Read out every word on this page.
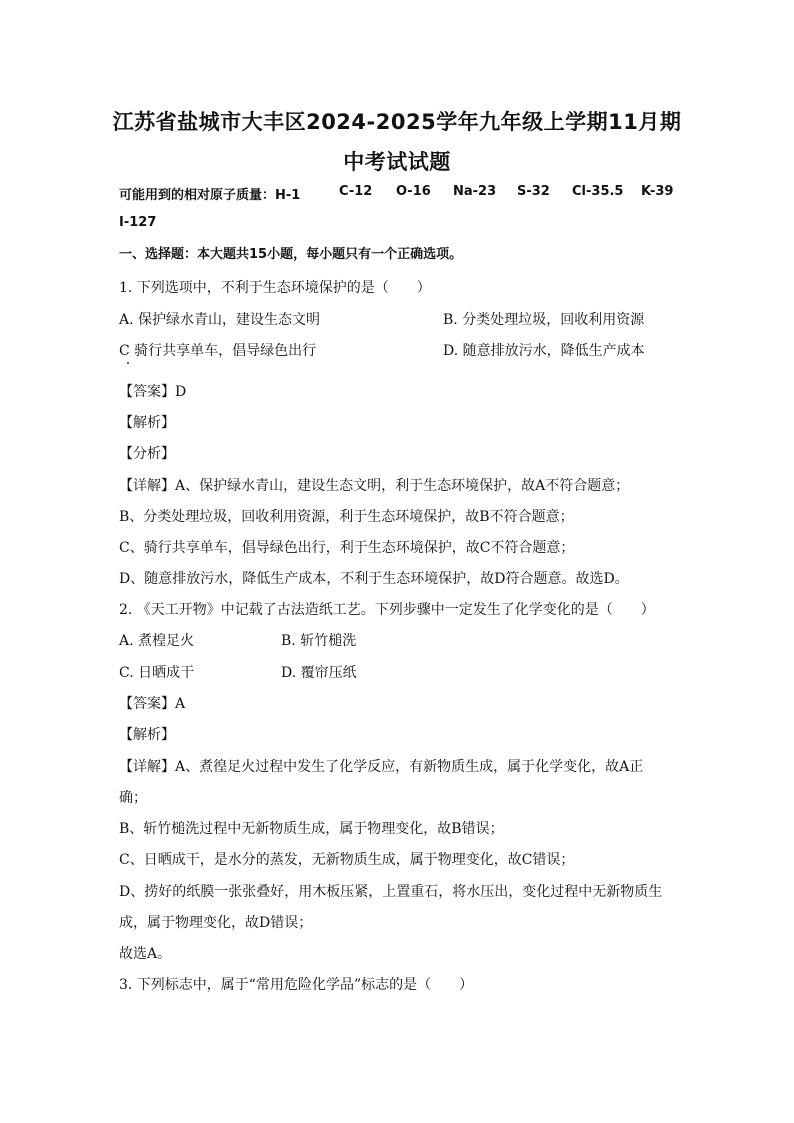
江苏省盐城市大丰区2024-2025学年九年级上学期11月期
中考试试题
可能用到的相对原子质量：H-1	C-12 O-16 Na-23 S-32 Cl-35.5 K-39
I-127
一、选择题：本大题共15小题，每小题只有一个正确选项。
1. 下列选项中，不利于生态环境保护的是（　　）
A. 保护绿水青山，建设生态文明	B. 分类处理垃圾，回收利用资源
C 骑行共享单车，倡导绿色出行	D. 随意排放污水，降低生产成本
【答案】D
【解析】
【分析】
【详解】A、保护绿水青山，建设生态文明，利于生态环境保护，故A不符合题意；
B、分类处理垃圾，回收利用资源，利于生态环境保护，故B不符合题意；
C、骑行共享单车，倡导绿色出行，利于生态环境保护，故C不符合题意；
D、随意排放污水，降低生产成本，不利于生态环境保护，故D符合题意。故选D。
2. 《天工开物》中记载了古法造纸工艺。下列步骤中一定发生了化学变化的是（　　）
A. 煮楻足火	B. 斩竹槌洗
C. 日晒成干	D. 覆帘压纸
【答案】A
【解析】
【详解】A、煮徨足火过程中发生了化学反应，有新物质生成，属于化学变化，故A正
确；
B、斩竹槌洗过程中无新物质生成，属于物理变化，故B错误；
C、日晒成干，是水分的蒸发，无新物质生成，属于物理变化，故C错误；
D、捞好的纸膜一张张叠好，用木板压紧，上置重石，将水压出，变化过程中无新物质生
成，属于物理变化，故D错误；
故选A。
3. 下列标志中，属于“常用危险化学品”标志的是（　　）
